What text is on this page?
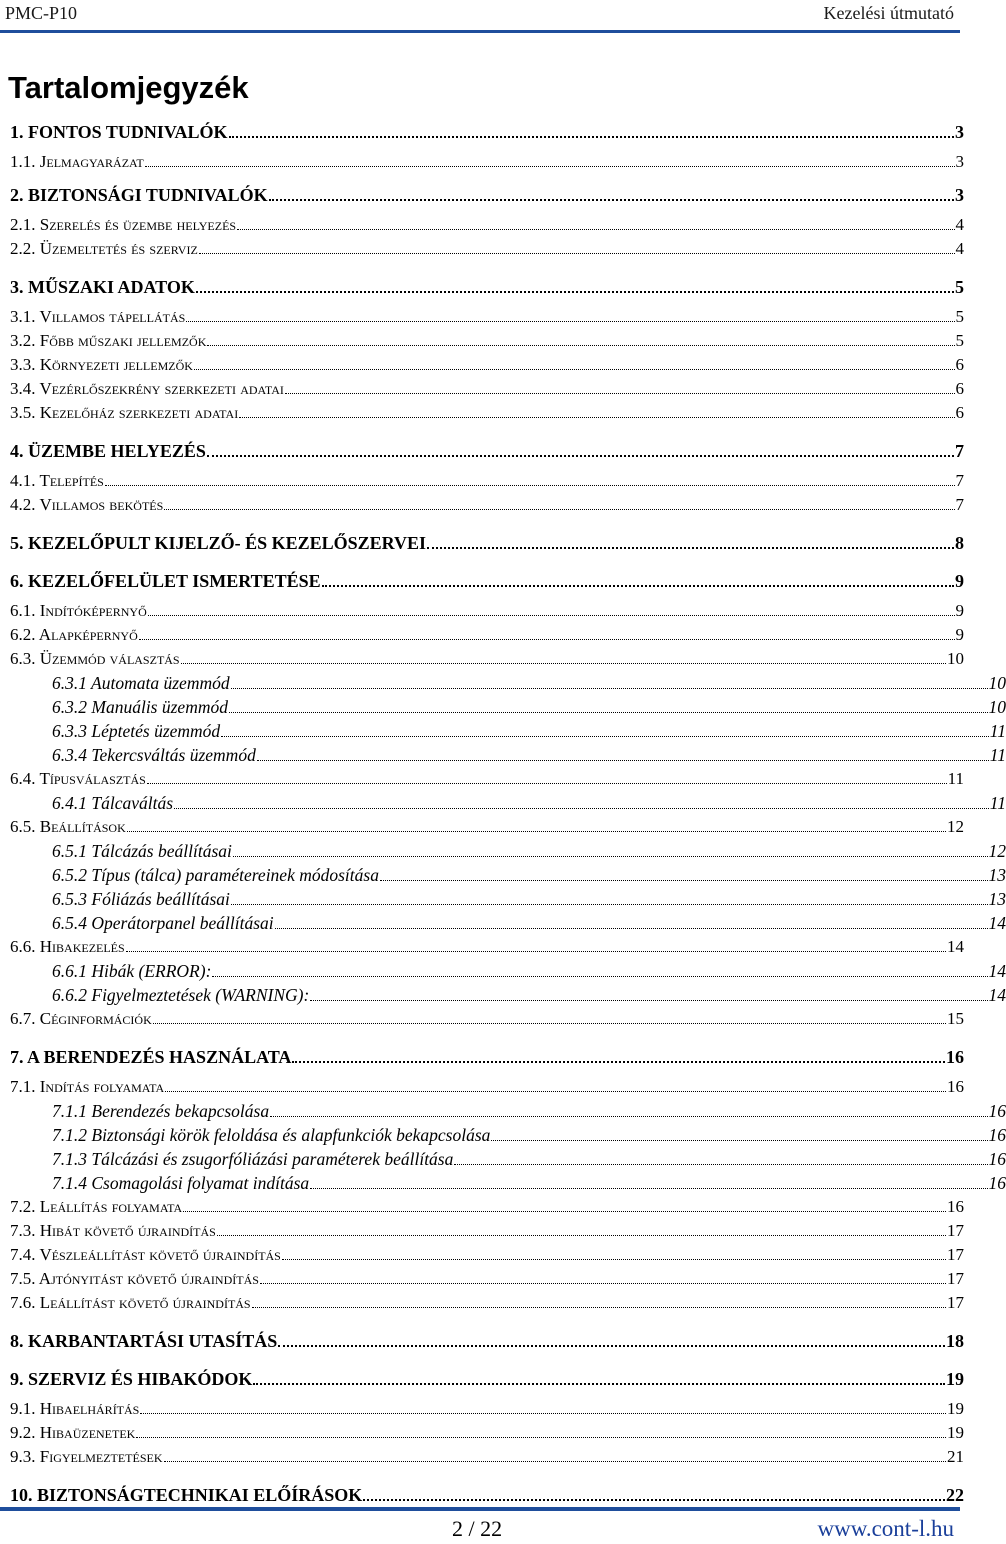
PMC-P10	Kezelési útmutató
Tartalomjegyzék
1. FONTOS TUDNIVALÓK	3
1.1. Jelmagyarázat	3
2. BIZTONSÁGI TUDNIVALÓK	3
2.1. Szerelés és üzembe helyezés	4
2.2. Üzemeltetés és szerviz	4
3. MŰSZAKI ADATOK	5
3.1. Villamos tápellátás	5
3.2. Főbb műszaki jellemzők	5
3.3. Környezeti jellemzők	6
3.4. Vezérlőszekrény szerkezeti adatai	6
3.5. Kezelőház szerkezeti adatai	6
4. ÜZEMBE HELYEZÉS	7
4.1. Telepítés	7
4.2. Villamos bekötés	7
5. KEZELŐPULT KIJELZŐ- ÉS KEZELŐSZERVEI	8
6. KEZELŐFELÜLET ISMERTETÉSE	9
6.1. Indítóképernyő	9
6.2. Alapképernyő	9
6.3. Üzemmód választás	10
6.3.1 Automata üzemmód	10
6.3.2 Manuális üzemmód	10
6.3.3 Léptetés üzemmód	11
6.3.4 Tekercsváltás üzemmód	11
6.4. Típusválasztás	11
6.4.1 Tálcaváltás	11
6.5. Beállítások	12
6.5.1 Tálcázás beállításai	12
6.5.2 Típus (tálca) paramétereinek módosítása	13
6.5.3 Fóliázás beállításai	13
6.5.4 Operátorpanel beállításai	14
6.6. Hibakezelés	14
6.6.1 Hibák (ERROR):	14
6.6.2 Figyelmeztetések (WARNING):	14
6.7. Céginformációk	15
7. A BERENDEZÉS HASZNÁLATA	16
7.1. Indítás folyamata	16
7.1.1 Berendezés bekapcsolása	16
7.1.2 Biztonsági körök feloldása és alapfunkciók bekapcsolása	16
7.1.3 Tálcázási és zsugorfóliázási paraméterek beállítása	16
7.1.4 Csomagolási folyamat indítása	16
7.2. Leállítás folyamata	16
7.3. Hibát követő újraindítás	17
7.4. Vészleállítást követő újraindítás	17
7.5. Ajtónyitást követő újraindítás	17
7.6. Leállítást követő újraindítás	17
8. KARBANTARTÁSI UTASÍTÁS	18
9. SZERVIZ ÉS HIBAKÓDOK	19
9.1. Hibaelhárítás	19
9.2. Hibaüzenetek	19
9.3. Figyelmeztetések	21
10. BIZTONSÁGTECHNIKAI ELŐÍRÁSOK	22
2 / 22	www.cont-l.hu
